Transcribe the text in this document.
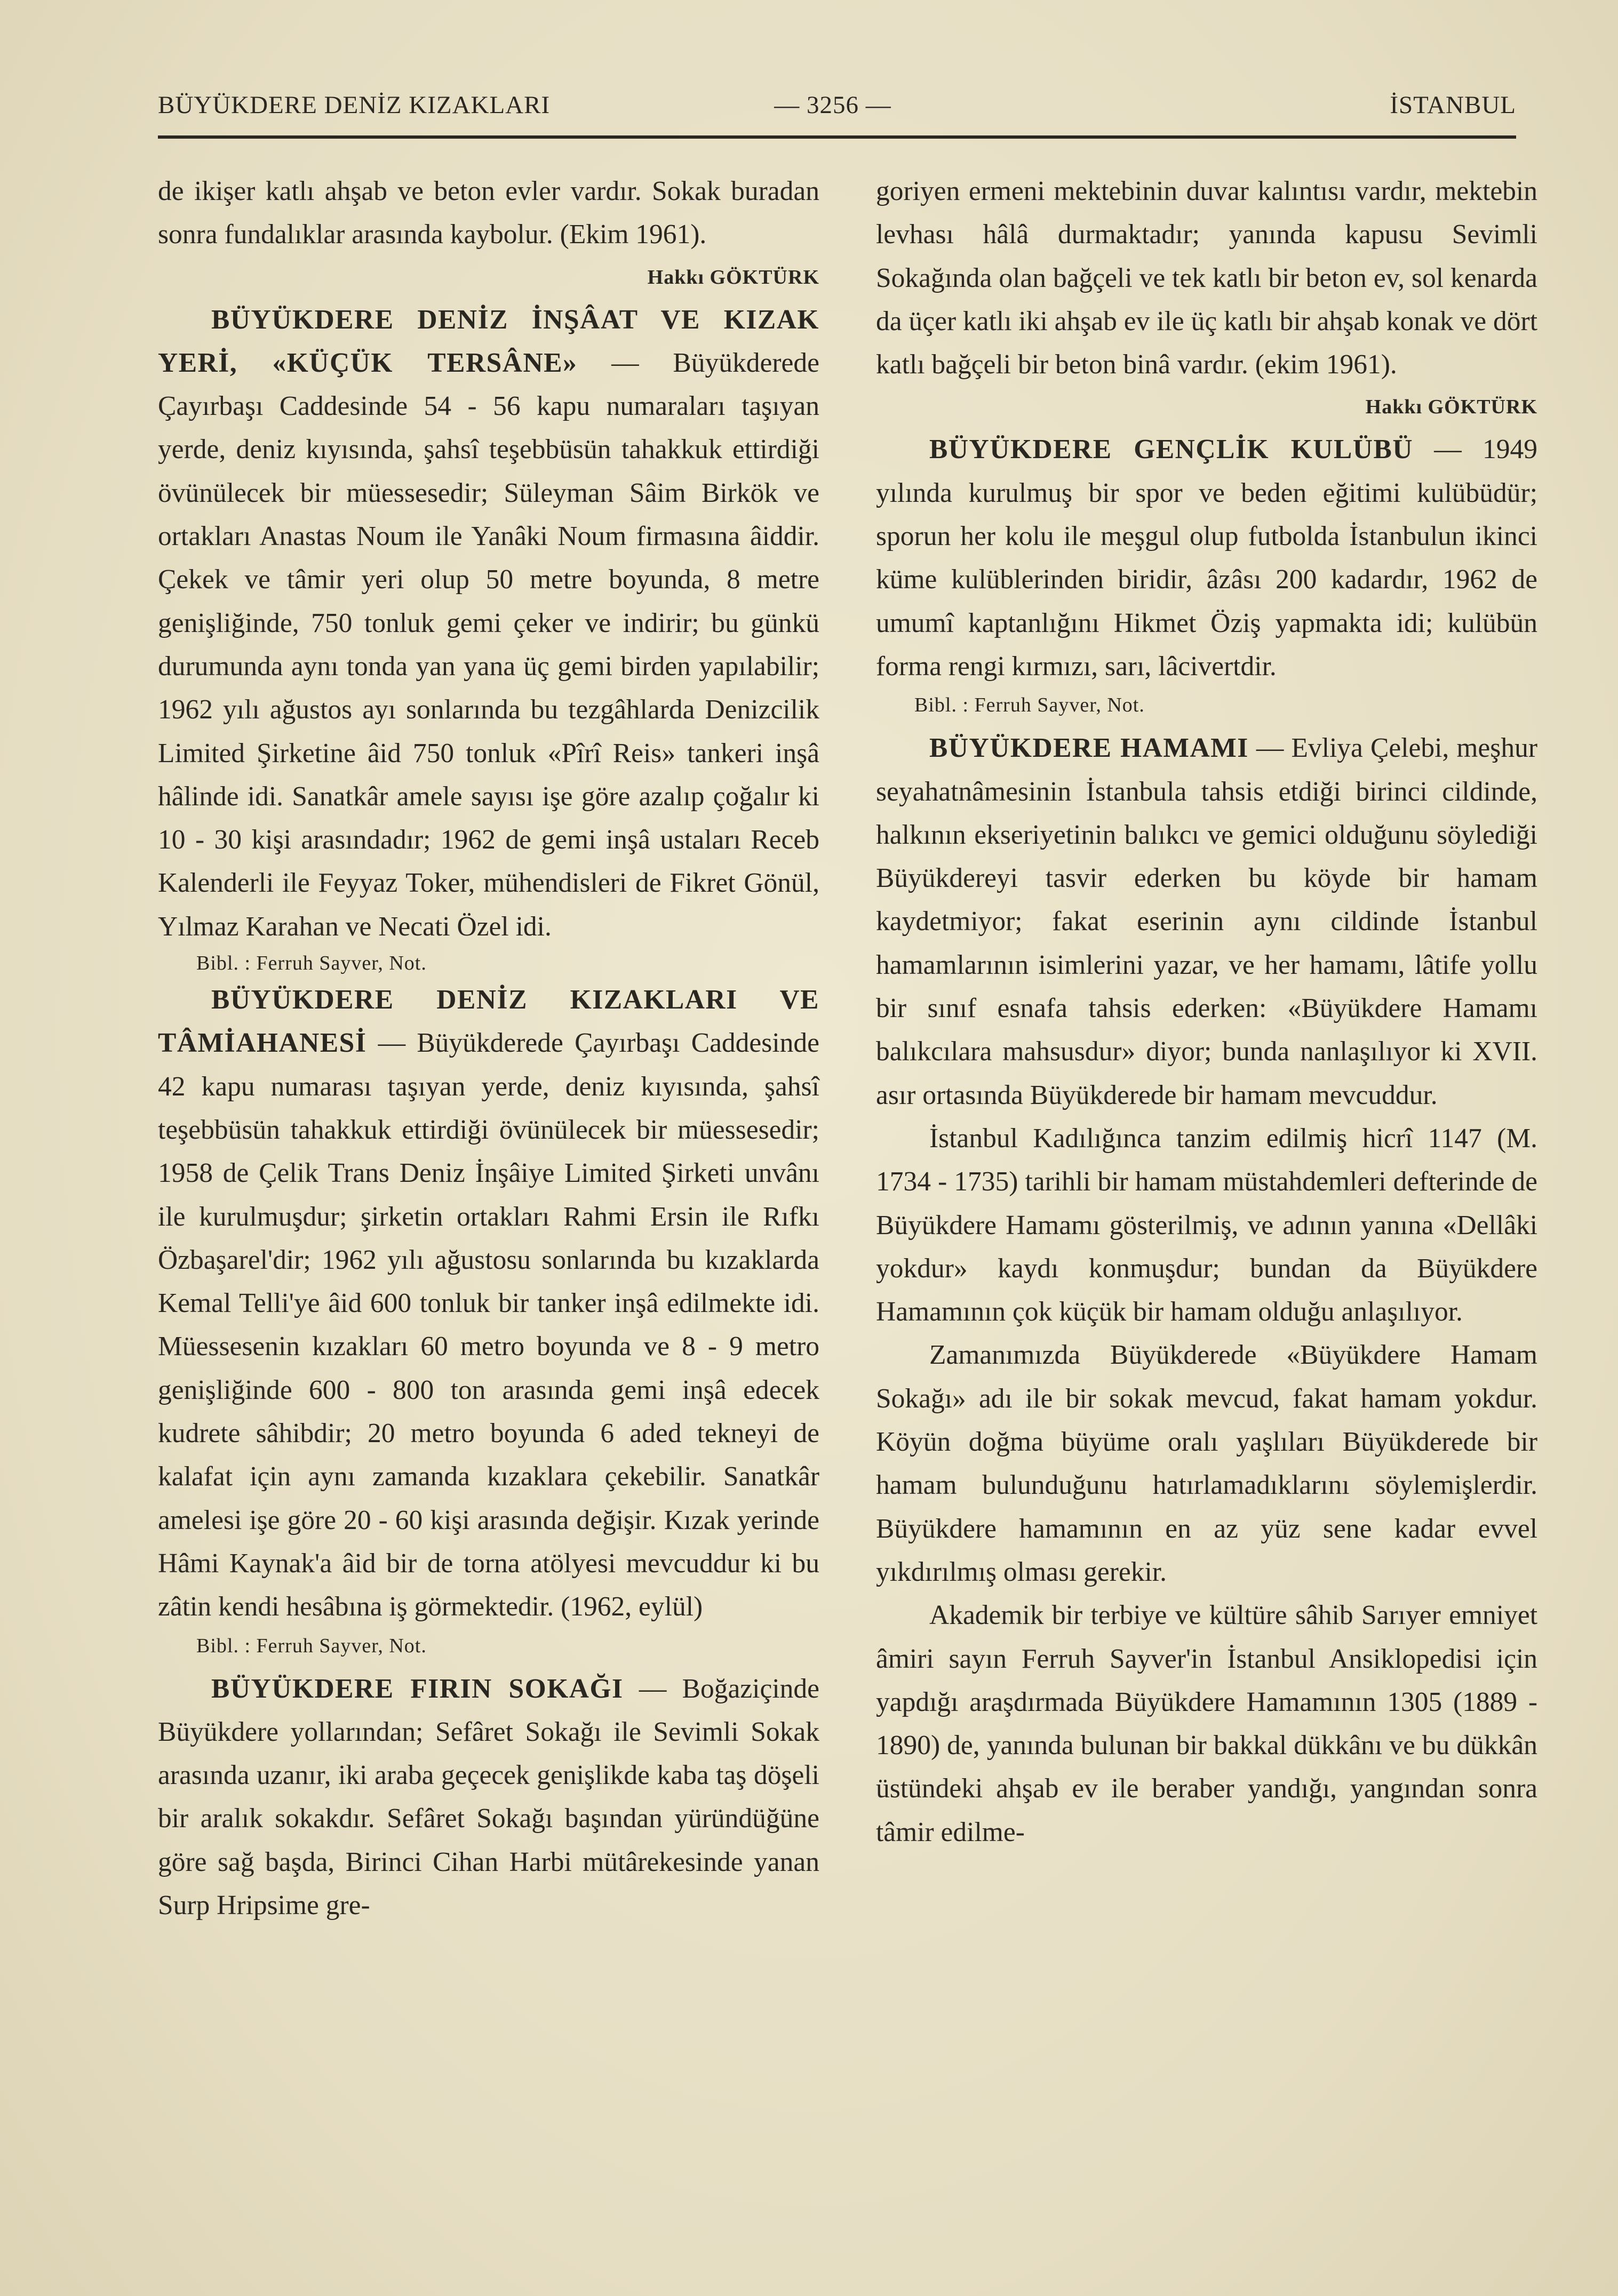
BÜYÜKDERE DENİZ KIZAKLARI	— 3256 —	İSTANBUL

de ikişer katlı ahşab ve beton evler vardır. Sokak buradan sonra fundalıklar arasında kaybolur. (Ekim 1961).

Hakkı GÖKTÜRK

BÜYÜKDERE DENİZ İNŞÂAT VE KIZAK YERİ, «KÜÇÜK TERSÂNE» — Büyükderede Çayırbaşı Caddesinde 54 - 56 kapu numaraları taşıyan yerde, deniz kıyısında, şahsî teşebbüsün tahakkuk ettirdiği övünülecek bir müessesedir; Süleyman Sâim Birkök ve ortakları Anastas Noum ile Yanâki Noum firmasına âiddir. Çekek ve tâmir yeri olup 50 metre boyunda, 8 metre genişliğinde, 750 tonluk gemi çeker ve indirir; bu günkü durumunda aynı tonda yan yana üç gemi birden yapılabilir; 1962 yılı ağustos ayı sonlarında bu tezgâhlarda Denizcilik Limited Şirketine âid 750 tonluk «Pîrî Reis» tankeri inşâ hâlinde idi. Sanatkâr amele sayısı işe göre azalıp çoğalır ki 10 - 30 kişi arasındadır; 1962 de gemi inşâ ustaları Receb Kalenderli ile Feyyaz Toker, mühendisleri de Fikret Gönül, Yılmaz Karahan ve Necati Özel idi.

Bibl. : Ferruh Sayver, Not.

BÜYÜKDERE DENİZ KIZAKLARI VE TÂMİAHANESİ — Büyükderede Çayırbaşı Caddesinde 42 kapu numarası taşıyan yerde, deniz kıyısında, şahsî teşebbüsün tahakkuk ettirdiği övünülecek bir müessesedir; 1958 de Çelik Trans Deniz İnşâiye Limited Şirketi unvânı ile kurulmuşdur; şirketin ortakları Rahmi Ersin ile Rıfkı Özbaşarel'dir; 1962 yılı ağustosu sonlarında bu kızaklarda Kemal Telli'ye âid 600 tonluk bir tanker inşâ edilmekte idi. Müessesenin kızakları 60 metro boyunda ve 8 - 9 metro genişliğinde 600 - 800 ton arasında gemi inşâ edecek kudrete sâhibdir; 20 metro boyunda 6 aded tekneyi de kalafat için aynı zamanda kızaklara çekebilir. Sanatkâr amelesi işe göre 20 - 60 kişi arasında değişir. Kızak yerinde Hâmi Kaynak'a âid bir de torna atölyesi mevcuddur ki bu zâtin kendi hesâbına iş görmektedir. (1962, eylül)

Bibl. : Ferruh Sayver, Not.

BÜYÜKDERE FIRIN SOKAĞI — Boğaziçinde Büyükdere yollarından; Sefâret Sokağı ile Sevimli Sokak arasında uzanır, iki araba geçecek genişlikde kaba taş döşeli bir aralık sokakdır. Sefâret Sokağı başından yüründüğüne göre sağ başda, Birinci Cihan Harbi mütârekesinde yanan Surp Hripsime gre-

goriyen ermeni mektebinin duvar kalıntısı vardır, mektebin levhası hâlâ durmaktadır; yanında kapusu Sevimli Sokağında olan bağçeli ve tek katlı bir beton ev, sol kenarda da üçer katlı iki ahşab ev ile üç katlı bir ahşab konak ve dört katlı bağçeli bir beton binâ vardır. (ekim 1961).

Hakkı GÖKTÜRK

BÜYÜKDERE GENÇLİK KULÜBÜ — 1949 yılında kurulmuş bir spor ve beden eğitimi kulübüdür; sporun her kolu ile meşgul olup futbolda İstanbulun ikinci küme kulüblerinden biridir, âzâsı 200 kadardır, 1962 de umumî kaptanlığını Hikmet Öziş yapmakta idi; kulübün forma rengi kırmızı, sarı, lâcivertdir.

Bibl. : Ferruh Sayver, Not.

BÜYÜKDERE HAMAMI — Evliya Çelebi, meşhur seyahatnâmesinin İstanbula tahsis etdiği birinci cildinde, halkının ekseriyetinin balıkcı ve gemici olduğunu söylediği Büyükdereyi tasvir ederken bu köyde bir hamam kaydetmiyor; fakat eserinin aynı cildinde İstanbul hamamlarının isimlerini yazar, ve her hamamı, lâtife yollu bir sınıf esnafa tahsis ederken: «Büyükdere Hamamı balıkcılara mahsusdur» diyor; bunda nanlaşılıyor ki XVII. asır ortasında Büyükderede bir hamam mevcuddur.

İstanbul Kadılığınca tanzim edilmiş hicrî 1147 (M. 1734 - 1735) tarihli bir hamam müstahdemleri defterinde de Büyükdere Hamamı gösterilmiş, ve adının yanına «Dellâki yokdur» kaydı konmuşdur; bundan da Büyükdere Hamamının çok küçük bir hamam olduğu anlaşılıyor.

Zamanımızda Büyükderede «Büyükdere Hamam Sokağı» adı ile bir sokak mevcud, fakat hamam yokdur. Köyün doğma büyüme oralı yaşlıları Büyükderede bir hamam bulunduğunu hatırlamadıklarını söylemişlerdir. Büyükdere hamamının en az yüz sene kadar evvel yıkdırılmış olması gerekir.

Akademik bir terbiye ve kültüre sâhib Sarıyer emniyet âmiri sayın Ferruh Sayver'in İstanbul Ansiklopedisi için yapdığı araşdırmada Büyükdere Hamamının 1305 (1889 - 1890) de, yanında bulunan bir bakkal dükkânı ve bu dükkân üstündeki ahşab ev ile beraber yandığı, yangından sonra tâmir edilme-
